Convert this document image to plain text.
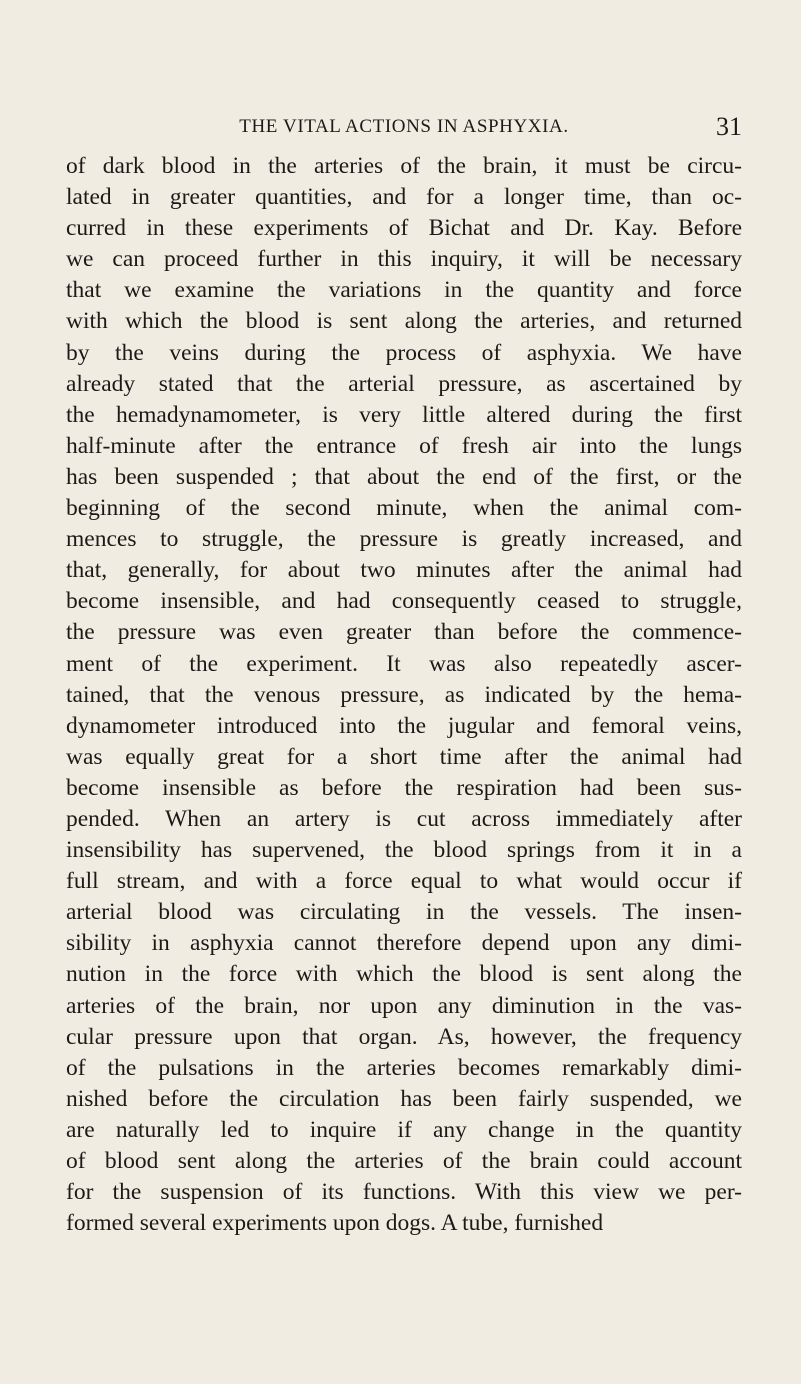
THE VITAL ACTIONS IN ASPHYXIA.	31
of dark blood in the arteries of the brain, it must be circu-
lated in greater quantities, and for a longer time, than oc-
curred in these experiments of Bichat and Dr. Kay. Before
we can proceed further in this inquiry, it will be necessary
that we examine the variations in the quantity and force
with which the blood is sent along the arteries, and returned
by the veins during the process of asphyxia. We have
already stated that the arterial pressure, as ascertained by
the hemadynamometer, is very little altered during the first
half-minute after the entrance of fresh air into the lungs
has been suspended ; that about the end of the first, or the
beginning of the second minute, when the animal com-
mences to struggle, the pressure is greatly increased, and
that, generally, for about two minutes after the animal had
become insensible, and had consequently ceased to struggle,
the pressure was even greater than before the commence-
ment of the experiment. It was also repeatedly ascer-
tained, that the venous pressure, as indicated by the hema-
dynamometer introduced into the jugular and femoral veins,
was equally great for a short time after the animal had
become insensible as before the respiration had been sus-
pended. When an artery is cut across immediately after
insensibility has supervened, the blood springs from it in a
full stream, and with a force equal to what would occur if
arterial blood was circulating in the vessels. The insen-
sibility in asphyxia cannot therefore depend upon any dimi-
nution in the force with which the blood is sent along the
arteries of the brain, nor upon any diminution in the vas-
cular pressure upon that organ. As, however, the frequency
of the pulsations in the arteries becomes remarkably dimi-
nished before the circulation has been fairly suspended, we
are naturally led to inquire if any change in the quantity
of blood sent along the arteries of the brain could account
for the suspension of its functions. With this view we per-
formed several experiments upon dogs. A tube, furnished
